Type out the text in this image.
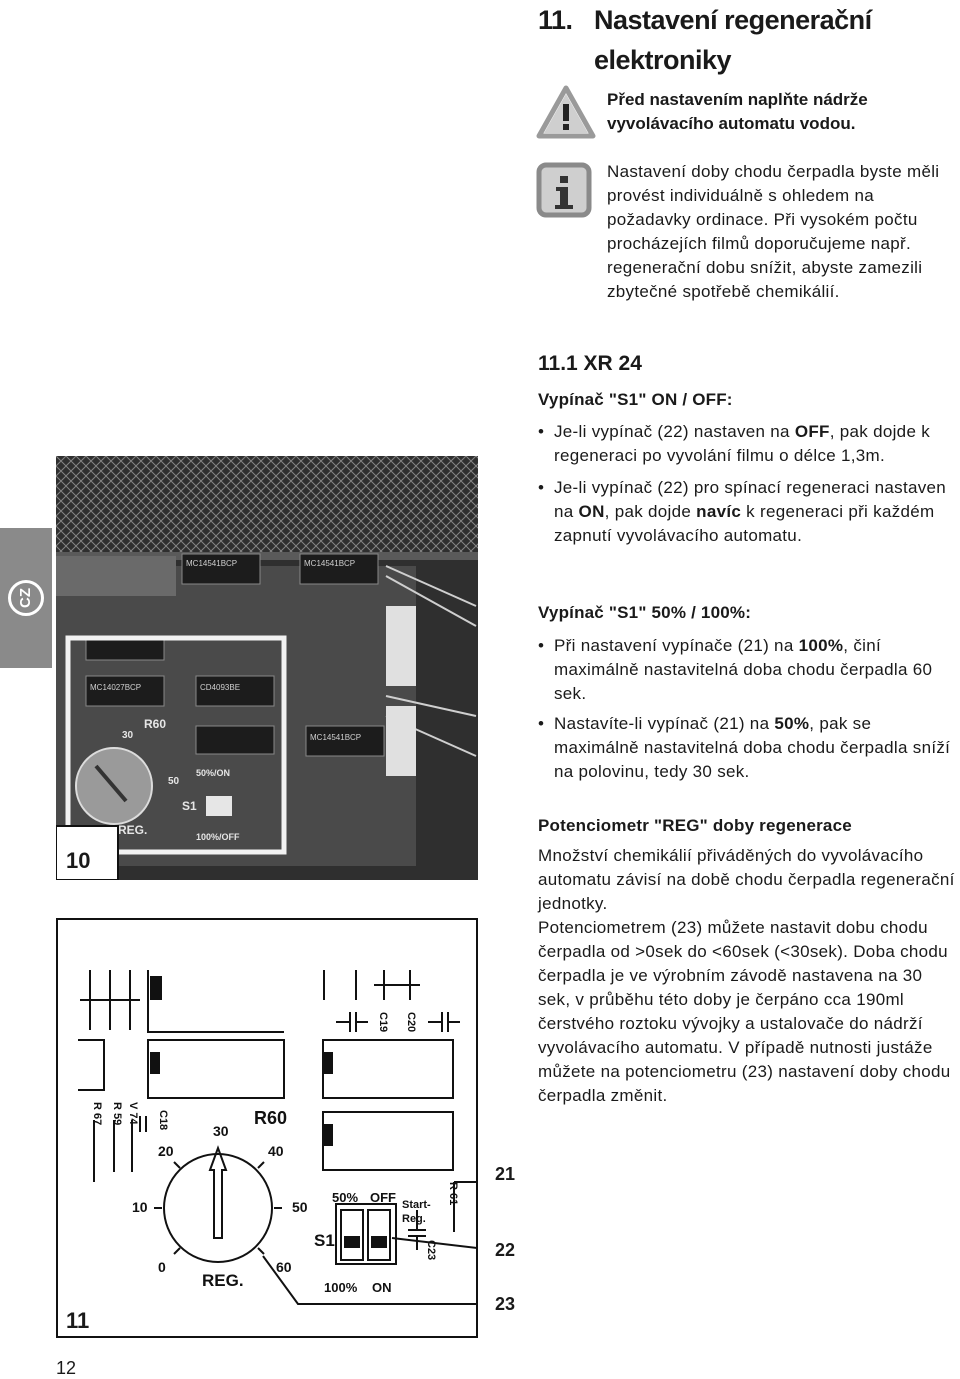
11. Nastavení regenerační
elektroniky
Před nastavením naplňte nádrže vyvolávacího automatu vodou.
Nastavení doby chodu čerpadla byste měli provést individuálně s ohledem na požadavky ordinace. Při vysokém počtu procházejích filmů doporučujeme např. regenerační dobu snížit, abyste zamezili zbytečné spotřebě chemikálií.
11.1 XR 24
Vypínač "S1" ON / OFF:
• Je-li vypínač (22) nastaven na OFF, pak dojde k regeneraci po vyvolání filmu o délce 1,3m.
• Je-li vypínač (22) pro spínací regeneraci nastaven na ON, pak dojde navíc k regeneraci při každém zapnutí vyvolávacího automatu.
Vypínač "S1" 50% / 100%:
• Při nastavení vypínače (21) na 100%, činí maximálně nastavitelná doba chodu čerpadla 60 sek.
• Nastavíte-li vypínač (21) na 50%, pak se maximálně nastavitelná doba chodu čerpadla sníží na polovinu, tedy 30 sek.
Potenciometr "REG" doby regenerace
Množství chemikálií přiváděných do vyvolávacího automatu závisí na době chodu čerpadla regenerační jednotky.
Potenciometrem (23) můžete nastavit dobu chodu čerpadla od >0sek do <60sek (<30sek). Doba chodu čerpadla je ve výrobním závodě nastavena na 30 sek, v průběhu této doby je čerpáno cca 190ml čerstvého roztoku vývojky a ustalovače do nádrží vyvolávacího automatu. V případě nutnosti justáže můžete na potenciometru (23) nastavení doby chodu čerpadla změnit.
CZ
MC14541BCP	MC14541BCP
MC14027BCP	CD4093BE
MC14541BCP
R60
30
50
50%/ON
S1
100%/OFF
REG.
10
30
20	40
10	50
0	60
REG.
R60
S1
50% OFF
100% ON
Start-
Reg.
R 67 R 59 V 74 C18
C19 C20
C23
R 61
11
21
22
23
12
